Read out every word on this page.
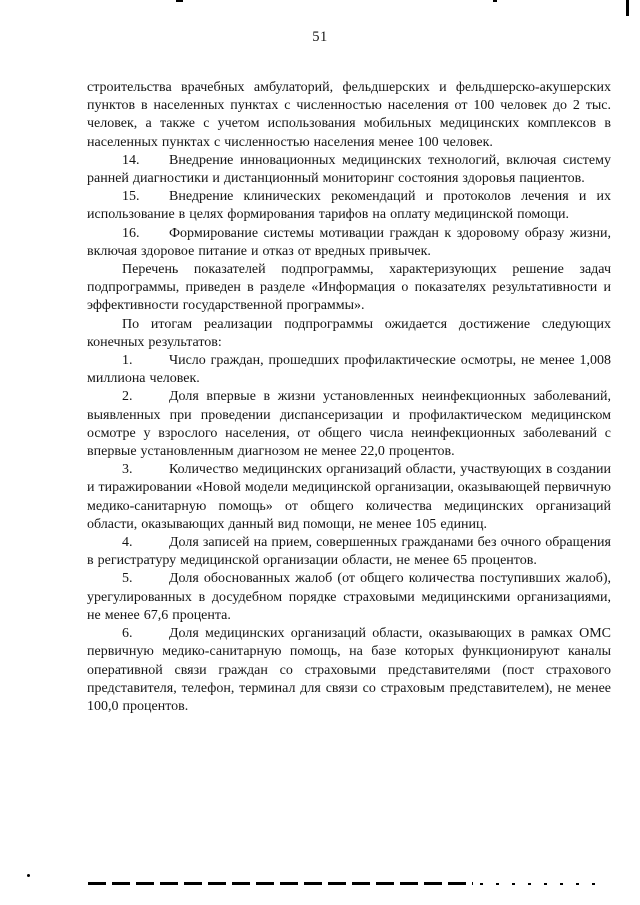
51

строительства врачебных амбулаторий, фельдшерских и фельдшерско-акушерских пунктов в населенных пунктах с численностью населения от 100 человек до 2 тыс. человек, а также с учетом использования мобильных медицинских комплексов в населенных пунктах с численностью населения менее 100 человек.

14. Внедрение инновационных медицинских технологий, включая систему ранней диагностики и дистанционный мониторинг состояния здоровья пациентов.

15. Внедрение клинических рекомендаций и протоколов лечения и их использование в целях формирования тарифов на оплату медицинской помощи.

16. Формирование системы мотивации граждан к здоровому образу жизни, включая здоровое питание и отказ от вредных привычек.

Перечень показателей подпрограммы, характеризующих решение задач подпрограммы, приведен в разделе «Информация о показателях результативности и эффективности государственной программы».

По итогам реализации подпрограммы ожидается достижение следующих конечных результатов:

1.	Число граждан, прошедших профилактические осмотры, не менее 1,008 миллиона человек.

2.	Доля впервые в жизни установленных неинфекционных заболеваний, выявленных при проведении диспансеризации и профилактическом медицинском осмотре у взрослого населения, от общего числа неинфекционных заболеваний с впервые установленным диагнозом не менее 22,0 процентов.

3.	Количество медицинских организаций области, участвующих в создании и тиражировании «Новой модели медицинской организации, оказывающей первичную медико-санитарную помощь» от общего количества медицинских организаций области, оказывающих данный вид помощи, не менее 105 единиц.

4.	Доля записей на прием, совершенных гражданами без очного обращения в регистратуру медицинской организации области, не менее 65 процентов.

5.	Доля обоснованных жалоб (от общего количества поступивших жалоб), урегулированных в досудебном порядке страховыми медицинскими организациями, не менее 67,6 процента.

6.	Доля медицинских организаций области, оказывающих в рамках ОМС первичную медико-санитарную помощь, на базе которых функционируют каналы оперативной связи граждан со страховыми представителями (пост страхового представителя, телефон, терминал для связи со страховым представителем), не менее 100,0 процентов.
